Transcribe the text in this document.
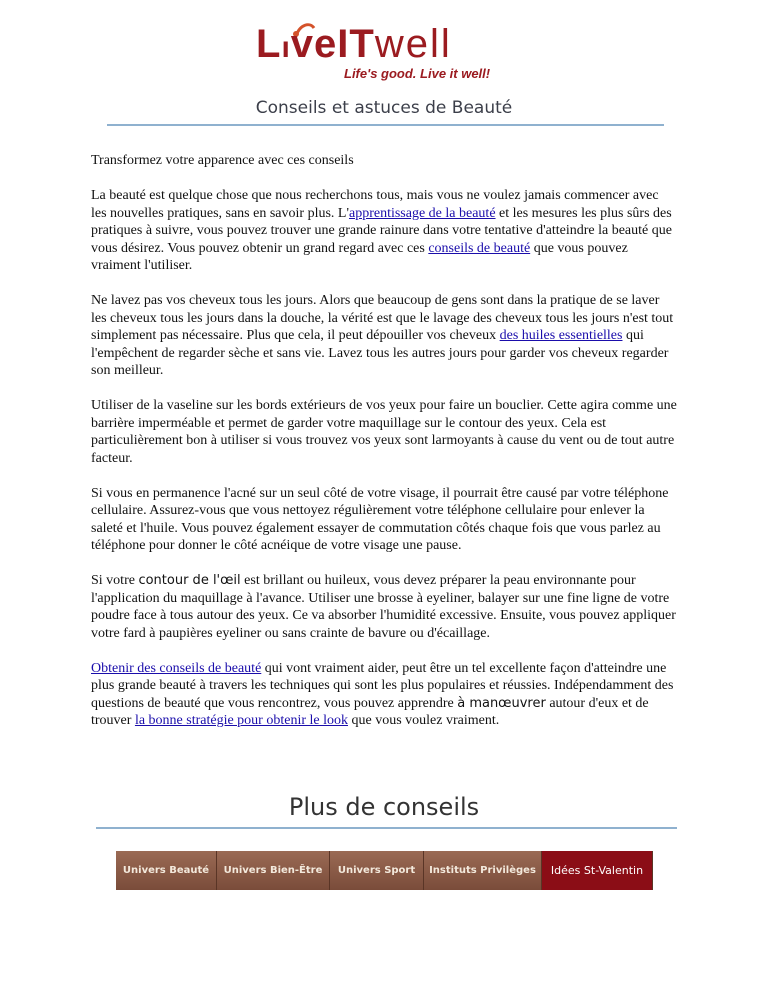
LıveITwell
Life's good. Live it well!
Conseils et astuces de Beauté

Transformez votre apparence avec ces conseils

La beauté est quelque chose que nous recherchons tous, mais vous ne voulez jamais commencer avec les nouvelles pratiques, sans en savoir plus. L'apprentissage de la beauté et les mesures les plus sûrs des pratiques à suivre, vous pouvez trouver une grande rainure dans votre tentative d'atteindre la beauté que vous désirez. Vous pouvez obtenir un grand regard avec ces conseils de beauté que vous pouvez vraiment l'utiliser.

Ne lavez pas vos cheveux tous les jours. Alors que beaucoup de gens sont dans la pratique de se laver les cheveux tous les jours dans la douche, la vérité est que le lavage des cheveux tous les jours n'est tout simplement pas nécessaire. Plus que cela, il peut dépouiller vos cheveux des huiles essentielles qui l'empêchent de regarder sèche et sans vie. Lavez tous les autres jours pour garder vos cheveux regarder son meilleur.

Utiliser de la vaseline sur les bords extérieurs de vos yeux pour faire un bouclier. Cette agira comme une barrière imperméable et permet de garder votre maquillage sur le contour des yeux. Cela est particulièrement bon à utiliser si vous trouvez vos yeux sont larmoyants à cause du vent ou de tout autre facteur.

Si vous en permanence l'acné sur un seul côté de votre visage, il pourrait être causé par votre téléphone cellulaire. Assurez-vous que vous nettoyez régulièrement votre téléphone cellulaire pour enlever la saleté et l'huile. Vous pouvez également essayer de commutation côtés chaque fois que vous parlez au téléphone pour donner le côté acnéique de votre visage une pause.

Si votre contour de l'œil est brillant ou huileux, vous devez préparer la peau environnante pour l'application du maquillage à l'avance. Utiliser une brosse à eyeliner, balayer sur une fine ligne de votre poudre face à tous autour des yeux. Ce va absorber l'humidité excessive. Ensuite, vous pouvez appliquer votre fard à paupières eyeliner ou sans crainte de bavure ou d'écaillage.

Obtenir des conseils de beauté qui vont vraiment aider, peut être un tel excellente façon d'atteindre une plus grande beauté à travers les techniques qui sont les plus populaires et réussies. Indépendamment des questions de beauté que vous rencontrez, vous pouvez apprendre à manœuvrer autour d'eux et de trouver la bonne stratégie pour obtenir le look que vous voulez vraiment.

Plus de conseils
Univers Beauté	Univers Bien-Être	Univers Sport	Instituts Privilèges	Idées St-Valentin
